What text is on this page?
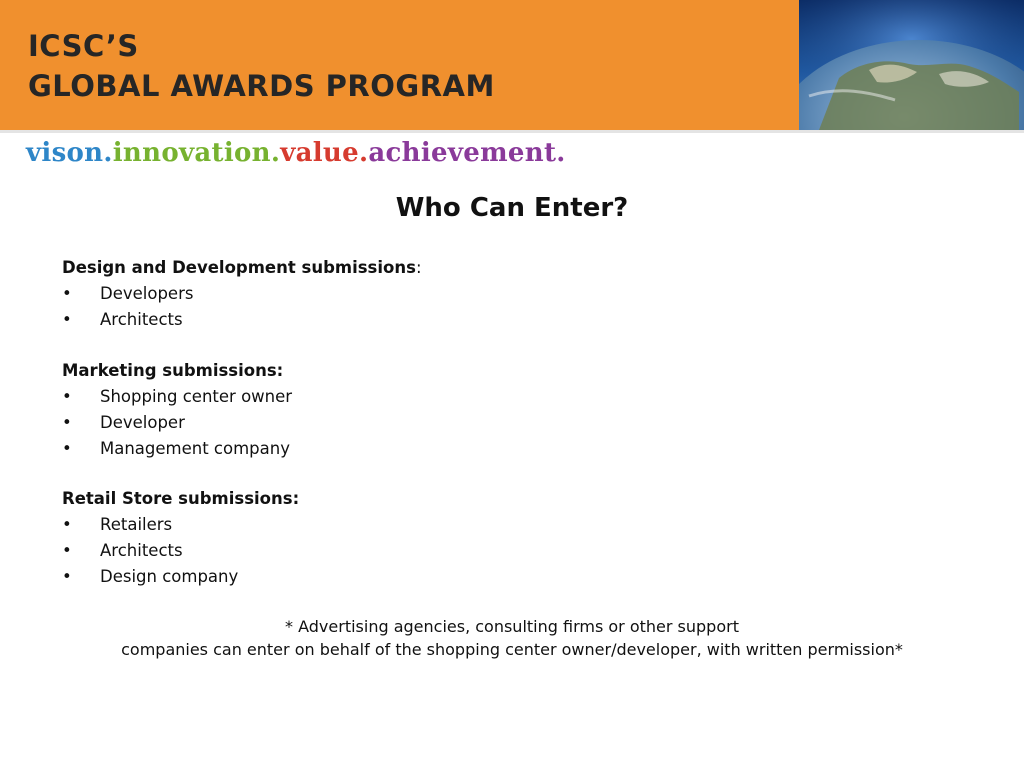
ICSC’S
GLOBAL AWARDS PROGRAM

vison.innovation.value.achievement.

Who Can Enter?

Design and Development submissions:

• Developers
• Architects

Marketing submissions:

• Shopping center owner
• Developer
• Management company

Retail Store submissions:

• Retailers
• Architects
• Design company

* Advertising agencies, consulting firms or other support

companies can enter on behalf of the shopping center owner/developer, with written permission*
